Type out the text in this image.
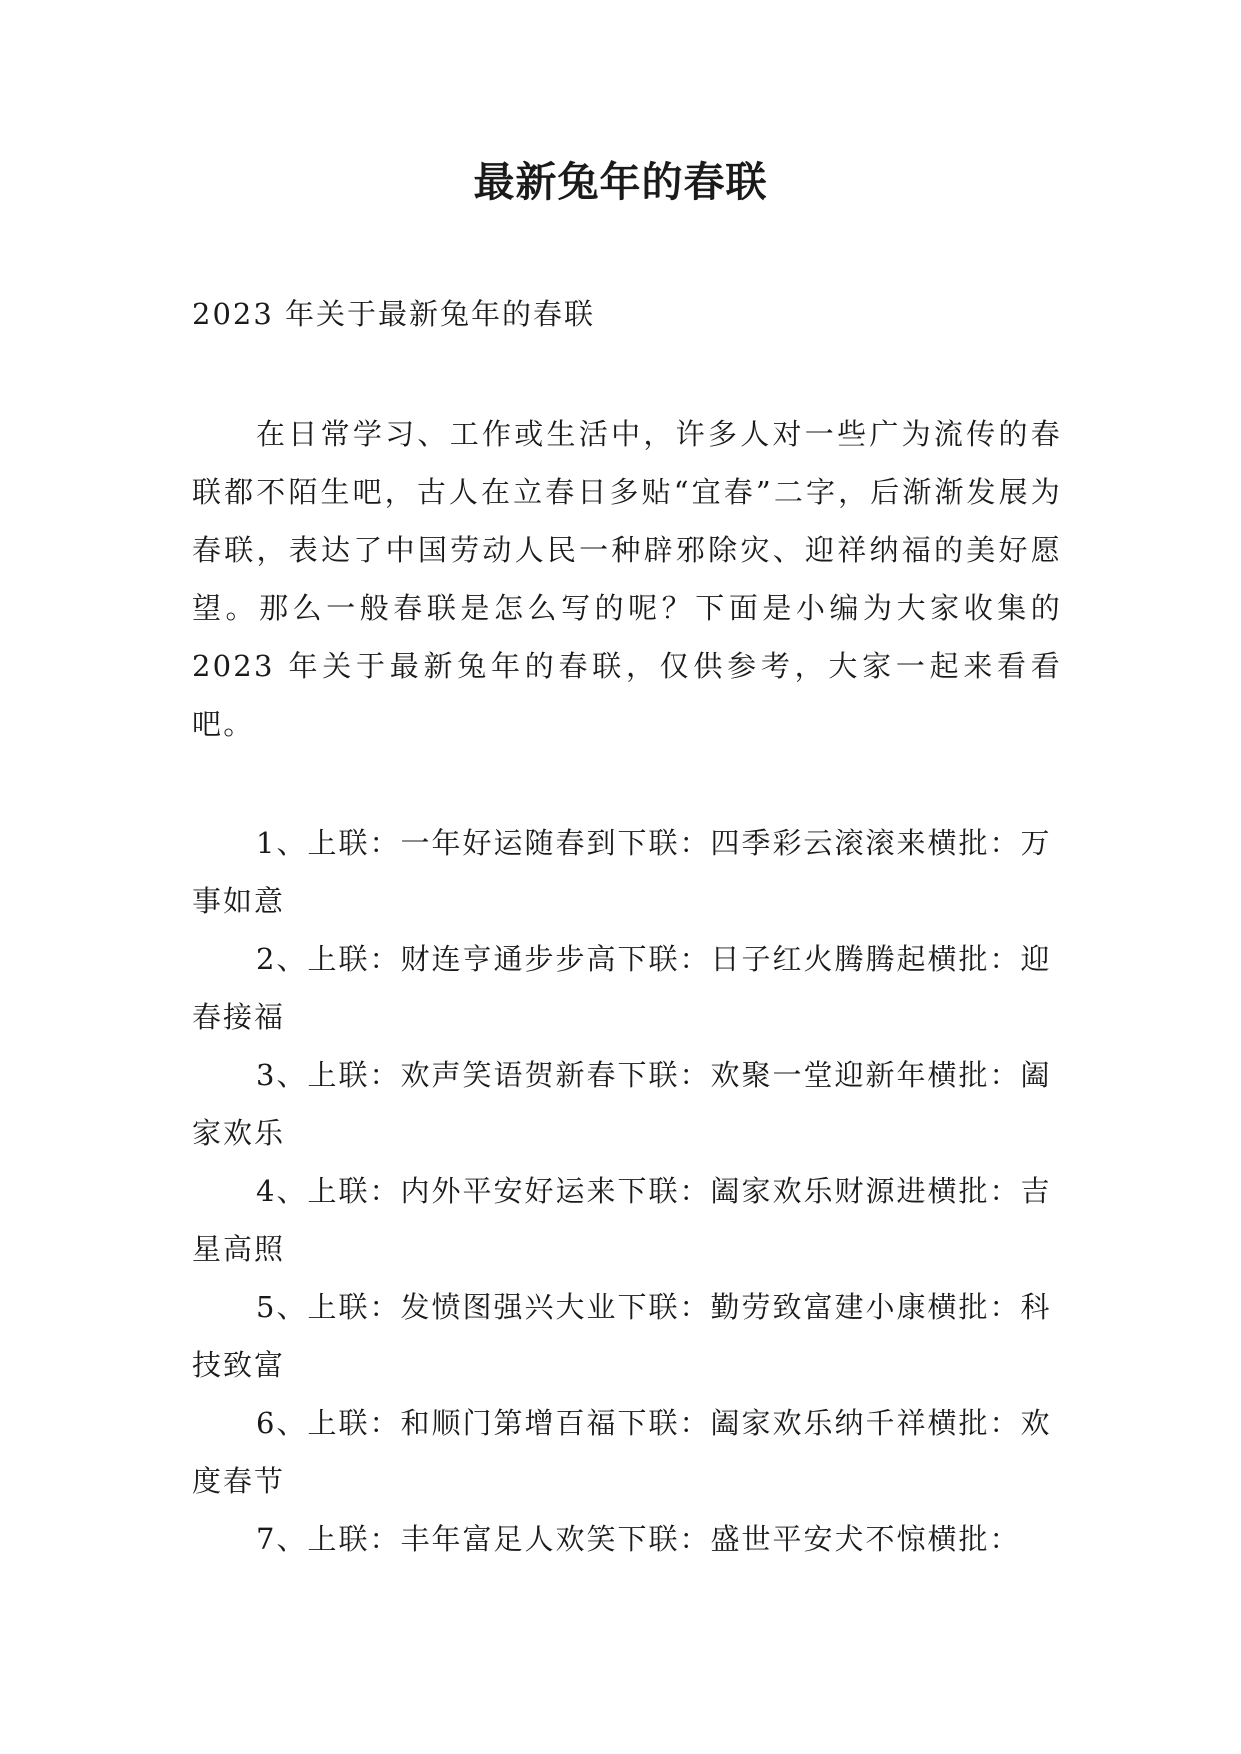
最新兔年的春联
2023 年关于最新兔年的春联
在日常学习、工作或生活中，许多人对一些广为流传的春联都不陌生吧，古人在立春日多贴“宜春”二字，后渐渐发展为春联，表达了中国劳动人民一种辟邪除灾、迎祥纳福的美好愿望。那么一般春联是怎么写的呢？下面是小编为大家收集的2023 年关于最新兔年的春联，仅供参考，大家一起来看看吧。
1、上联：一年好运随春到下联：四季彩云滚滚来横批：万事如意
2、上联：财连亨通步步高下联：日子红火腾腾起横批：迎春接福
3、上联：欢声笑语贺新春下联：欢聚一堂迎新年横批：阖家欢乐
4、上联：内外平安好运来下联：阖家欢乐财源进横批：吉星高照
5、上联：发愤图强兴大业下联：勤劳致富建小康横批：科技致富
6、上联：和顺门第增百福下联：阖家欢乐纳千祥横批：欢度春节
7、上联：丰年富足人欢笑下联：盛世平安犬不惊横批：
